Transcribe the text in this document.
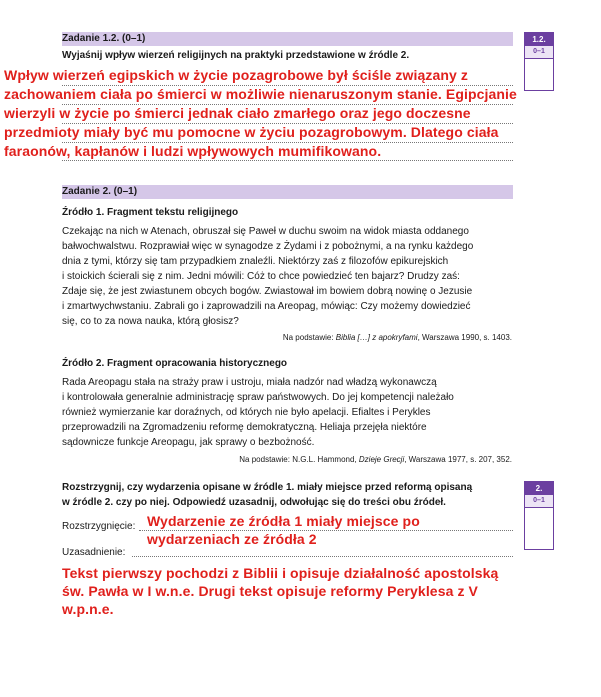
Zadanie 1.2. (0–1)
Wyjaśnij wpływ wierzeń religijnych na praktyki przedstawione w źródle 2.
1.2.
0–1
Wpływ wierzeń egipskich w życie pozagrobowe był ściśle związany z
zachowaniem ciała po śmierci w możliwie nienaruszonym stanie. Egipcjanie
wierzyli w życie po śmierci jednak ciało zmarłego oraz jego doczesne
przedmioty miały być mu pomocne w życiu pozagrobowym. Dlatego ciała
faraonów, kapłanów i ludzi wpływowych mumifikowano.
Zadanie 2. (0–1)
Źródło 1. Fragment tekstu religijnego
Czekając na nich w Atenach, obruszał się Paweł w duchu swoim na widok miasta oddanego
bałwochwalstwu. Rozprawiał więc w synagodze z Żydami i z pobożnymi, a na rynku każdego
dnia z tymi, którzy się tam przypadkiem znaleźli. Niektórzy zaś z filozofów epikurejskich
i stoickich ścierali się z nim. Jedni mówili: Cóż to chce powiedzieć ten bajarz? Drudzy zaś:
Zdaje się, że jest zwiastunem obcych bogów. Zwiastował im bowiem dobrą nowinę o Jezusie
i zmartwychwstaniu. Zabrali go i zaprowadzili na Areopag, mówiąc: Czy możemy dowiedzieć
się, co to za nowa nauka, którą głosisz?
Na podstawie: Biblia […] z apokryfami, Warszawa 1990, s. 1403.
Źródło 2. Fragment opracowania historycznego
Rada Areopagu stała na straży praw i ustroju, miała nadzór nad władzą wykonawczą
i kontrolowała generalnie administrację spraw państwowych. Do jej kompetencji należało
również wymierzanie kar doraźnych, od których nie było apelacji. Efialtes i Perykles
przeprowadzili na Zgromadzeniu reformę demokratyczną. Heliaja przejęła niektóre
sądownicze funkcje Areopagu, jak sprawy o bezbożność.
Na podstawie: N.G.L. Hammond, Dzieje Grecji, Warszawa 1977, s. 207, 352.
Rozstrzygnij, czy wydarzenia opisane w źródle 1. miały miejsce przed reformą opisaną
w źródle 2. czy po niej. Odpowiedź uzasadnij, odwołując się do treści obu źródeł.
2.
0–1
Rozstrzygnięcie: Wydarzenie ze źródła 1 miały miejsce po
wydarzeniach ze źródła 2
Uzasadnienie:
Tekst pierwszy pochodzi z Biblii i opisuje działalność apostolską
św. Pawła w I w.n.e. Drugi tekst opisuje reformy Peryklesa z V
w.p.n.e.
